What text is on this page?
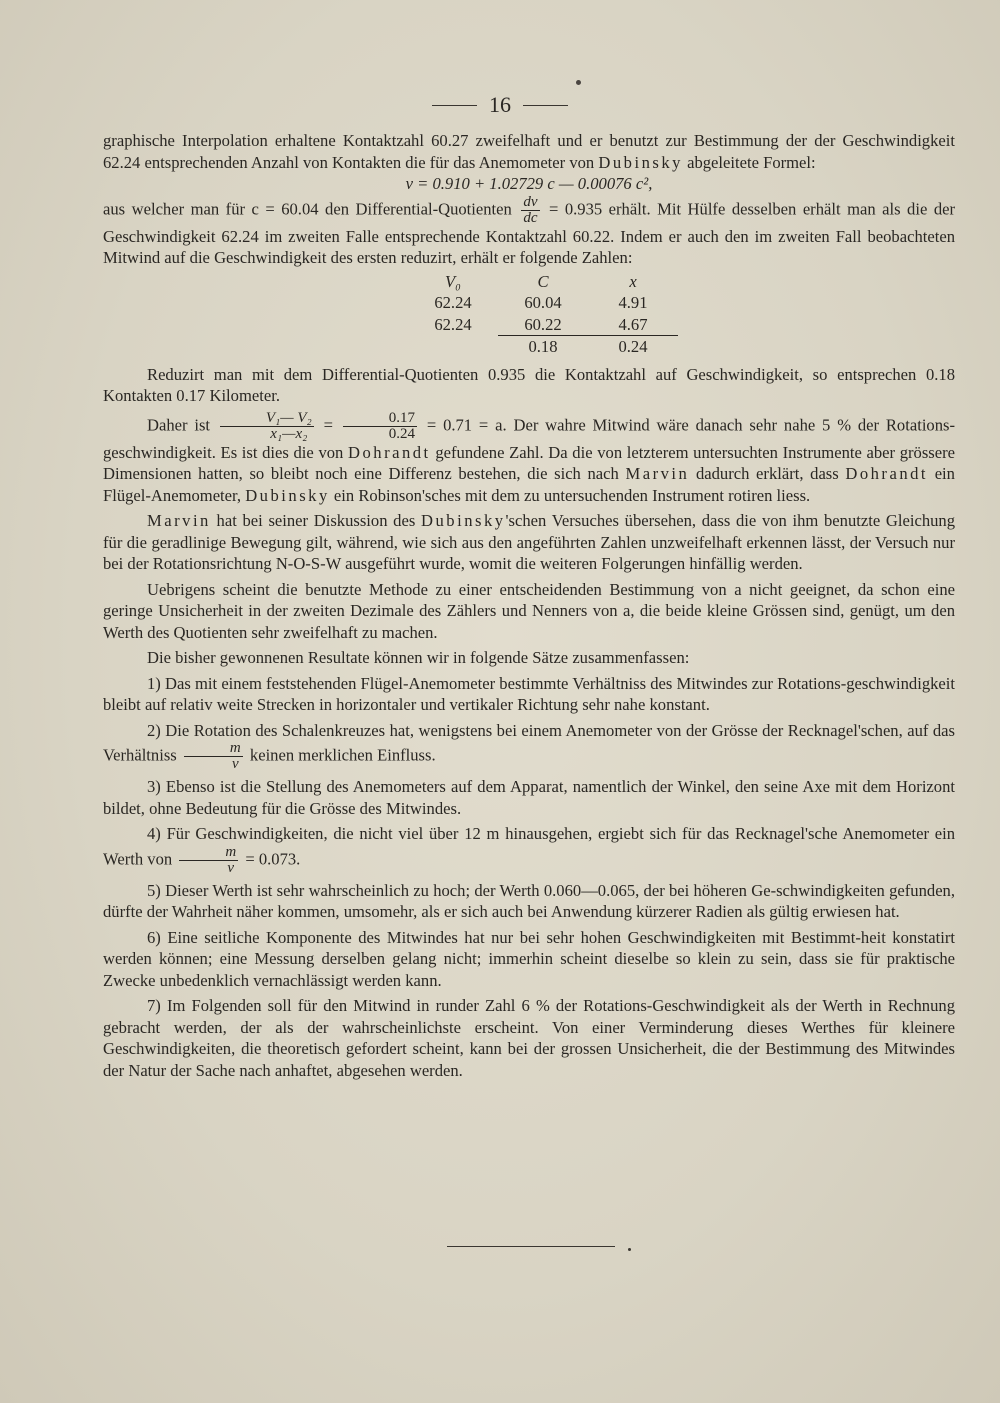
16

graphische Interpolation erhaltene Kontaktzahl 60.27 zweifelhaft und er benutzt zur Bestimmung der der Geschwindigkeit 62.24 entsprechenden Anzahl von Kontakten die für das Anemometer von Dubinsky abgeleitete Formel:

v = 0.910 + 1.02729 c — 0.00076 c²,

aus welcher man für c = 60.04 den Differential-Quotienten $\frac{dv}{dc} = 0.935$ erhält. Mit Hülfe desselben erhält man als die der Geschwindigkeit 62.24 im zweiten Falle entsprechende Kontaktzahl 60.22. Indem er auch den im zweiten Fall beobachteten Mitwind auf die Geschwindigkeit des ersten reduzirt, erhält er folgende Zahlen:

V₀	C	x
62.24	60.04	4.91
62.24	60.22	4.67
	0.18	0.24

Reduzirt man mit dem Differential-Quotienten 0.935 die Kontaktzahl auf Geschwindigkeit, so entsprechen 0.18 Kontakten 0.17 Kilometer.

Daher ist $\frac{\text{V₁— V₂}}{\text{x₁—x₂}} = \frac{0.17}{0.24} = 0.71 = a$. Der wahre Mitwind wäre danach sehr nahe 5 % der Rotations-geschwindigkeit. Es ist dies die von Dohrandt gefundene Zahl. Da die von letzterem untersuchten Instrumente aber grössere Dimensionen hatten, so bleibt noch eine Differenz bestehen, die sich nach Marvin dadurch erklärt, dass Dohrandt ein Flügel-Anemometer, Dubinsky ein Robinson'sches mit dem zu untersuchenden Instrument rotiren liess.

Marvin hat bei seiner Diskussion des Dubinsky'schen Versuches übersehen, dass die von ihm benutzte Gleichung für die geradlinige Bewegung gilt, während, wie sich aus den angeführten Zahlen unzweifelhaft erkennen lässt, der Versuch nur bei der Rotationsrichtung N-O-S-W ausgeführt wurde, womit die weiteren Folgerungen hinfällig werden.

Uebrigens scheint die benutzte Methode zu einer entscheidenden Bestimmung von a nicht geeignet, da schon eine geringe Unsicherheit in der zweiten Dezimale des Zählers und Nenners von a, die beide kleine Grössen sind, genügt, um den Werth des Quotienten sehr zweifelhaft zu machen.

Die bisher gewonnenen Resultate können wir in folgende Sätze zusammenfassen:

1) Das mit einem feststehenden Flügel-Anemometer bestimmte Verhältniss des Mitwindes zur Rotations-geschwindigkeit bleibt auf relativ weite Strecken in horizontaler und vertikaler Richtung sehr nahe konstant.

2) Die Rotation des Schalenkreuzes hat, wenigstens bei einem Anemometer von der Grösse der Recknagel'schen, auf das Verhältniss $\frac{m}{v}$ keinen merklichen Einfluss.

3) Ebenso ist die Stellung des Anemometers auf dem Apparat, namentlich der Winkel, den seine Axe mit dem Horizont bildet, ohne Bedeutung für die Grösse des Mitwindes.

4) Für Geschwindigkeiten, die nicht viel über 12 m hinausgehen, ergiebt sich für das Recknagel'sche Anemometer ein Werth von $\frac{m}{v} = 0.073$.

5) Dieser Werth ist sehr wahrscheinlich zu hoch; der Werth 0.060—0.065, der bei höheren Ge-schwindigkeiten gefunden, dürfte der Wahrheit näher kommen, umsomehr, als er sich auch bei Anwendung kürzerer Radien als gültig erwiesen hat.

6) Eine seitliche Komponente des Mitwindes hat nur bei sehr hohen Geschwindigkeiten mit Bestimmt-heit konstatirt werden können; eine Messung derselben gelang nicht; immerhin scheint dieselbe so klein zu sein, dass sie für praktische Zwecke unbedenklich vernachlässigt werden kann.

7) Im Folgenden soll für den Mitwind in runder Zahl 6 % der Rotations-Geschwindigkeit als der Werth in Rechnung gebracht werden, der als der wahrscheinlichste erscheint. Von einer Verminderung dieses Werthes für kleinere Geschwindigkeiten, die theoretisch gefordert scheint, kann bei der grossen Unsicherheit, die der Bestimmung des Mitwindes der Natur der Sache nach anhaftet, abgesehen werden.
